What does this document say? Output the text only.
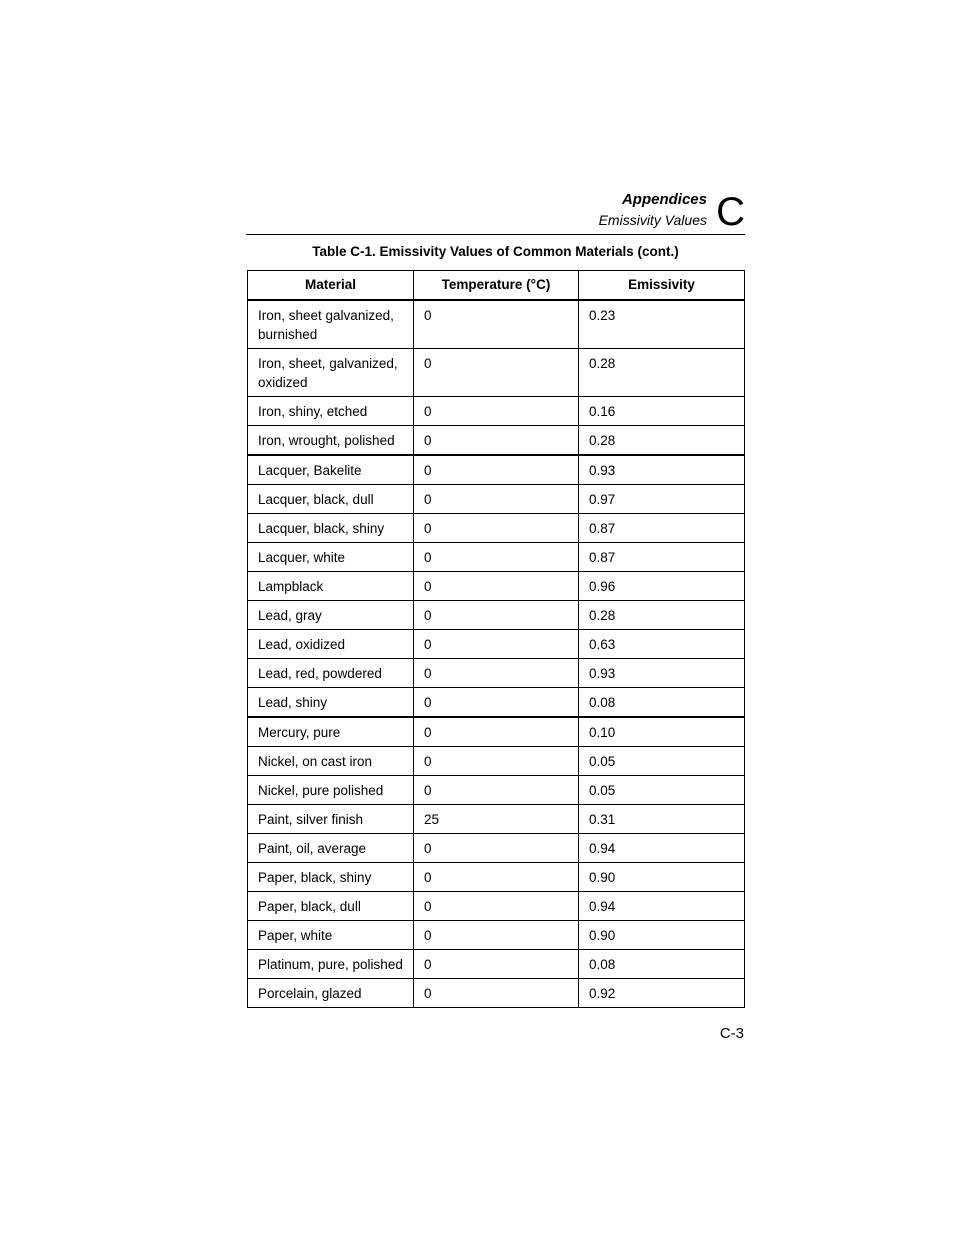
Appendices
Emissivity Values C
Table C-1. Emissivity Values of Common Materials (cont.)
Material	Temperature (°C)	Emissivity
Iron, sheet galvanized, burnished	0	0.23
Iron, sheet, galvanized, oxidized	0	0.28
Iron, shiny, etched	0	0.16
Iron, wrought, polished	0	0.28
Lacquer, Bakelite	0	0.93
Lacquer, black, dull	0	0.97
Lacquer, black, shiny	0	0.87
Lacquer, white	0	0.87
Lampblack	0	0.96
Lead, gray	0	0.28
Lead, oxidized	0	0.63
Lead, red, powdered	0	0.93
Lead, shiny	0	0.08
Mercury, pure	0	0.10
Nickel, on cast iron	0	0.05
Nickel, pure polished	0	0.05
Paint, silver finish	25	0.31
Paint, oil, average	0	0.94
Paper, black, shiny	0	0.90
Paper, black, dull	0	0.94
Paper, white	0	0.90
Platinum, pure, polished	0	0.08
Porcelain, glazed	0	0.92
C-3
